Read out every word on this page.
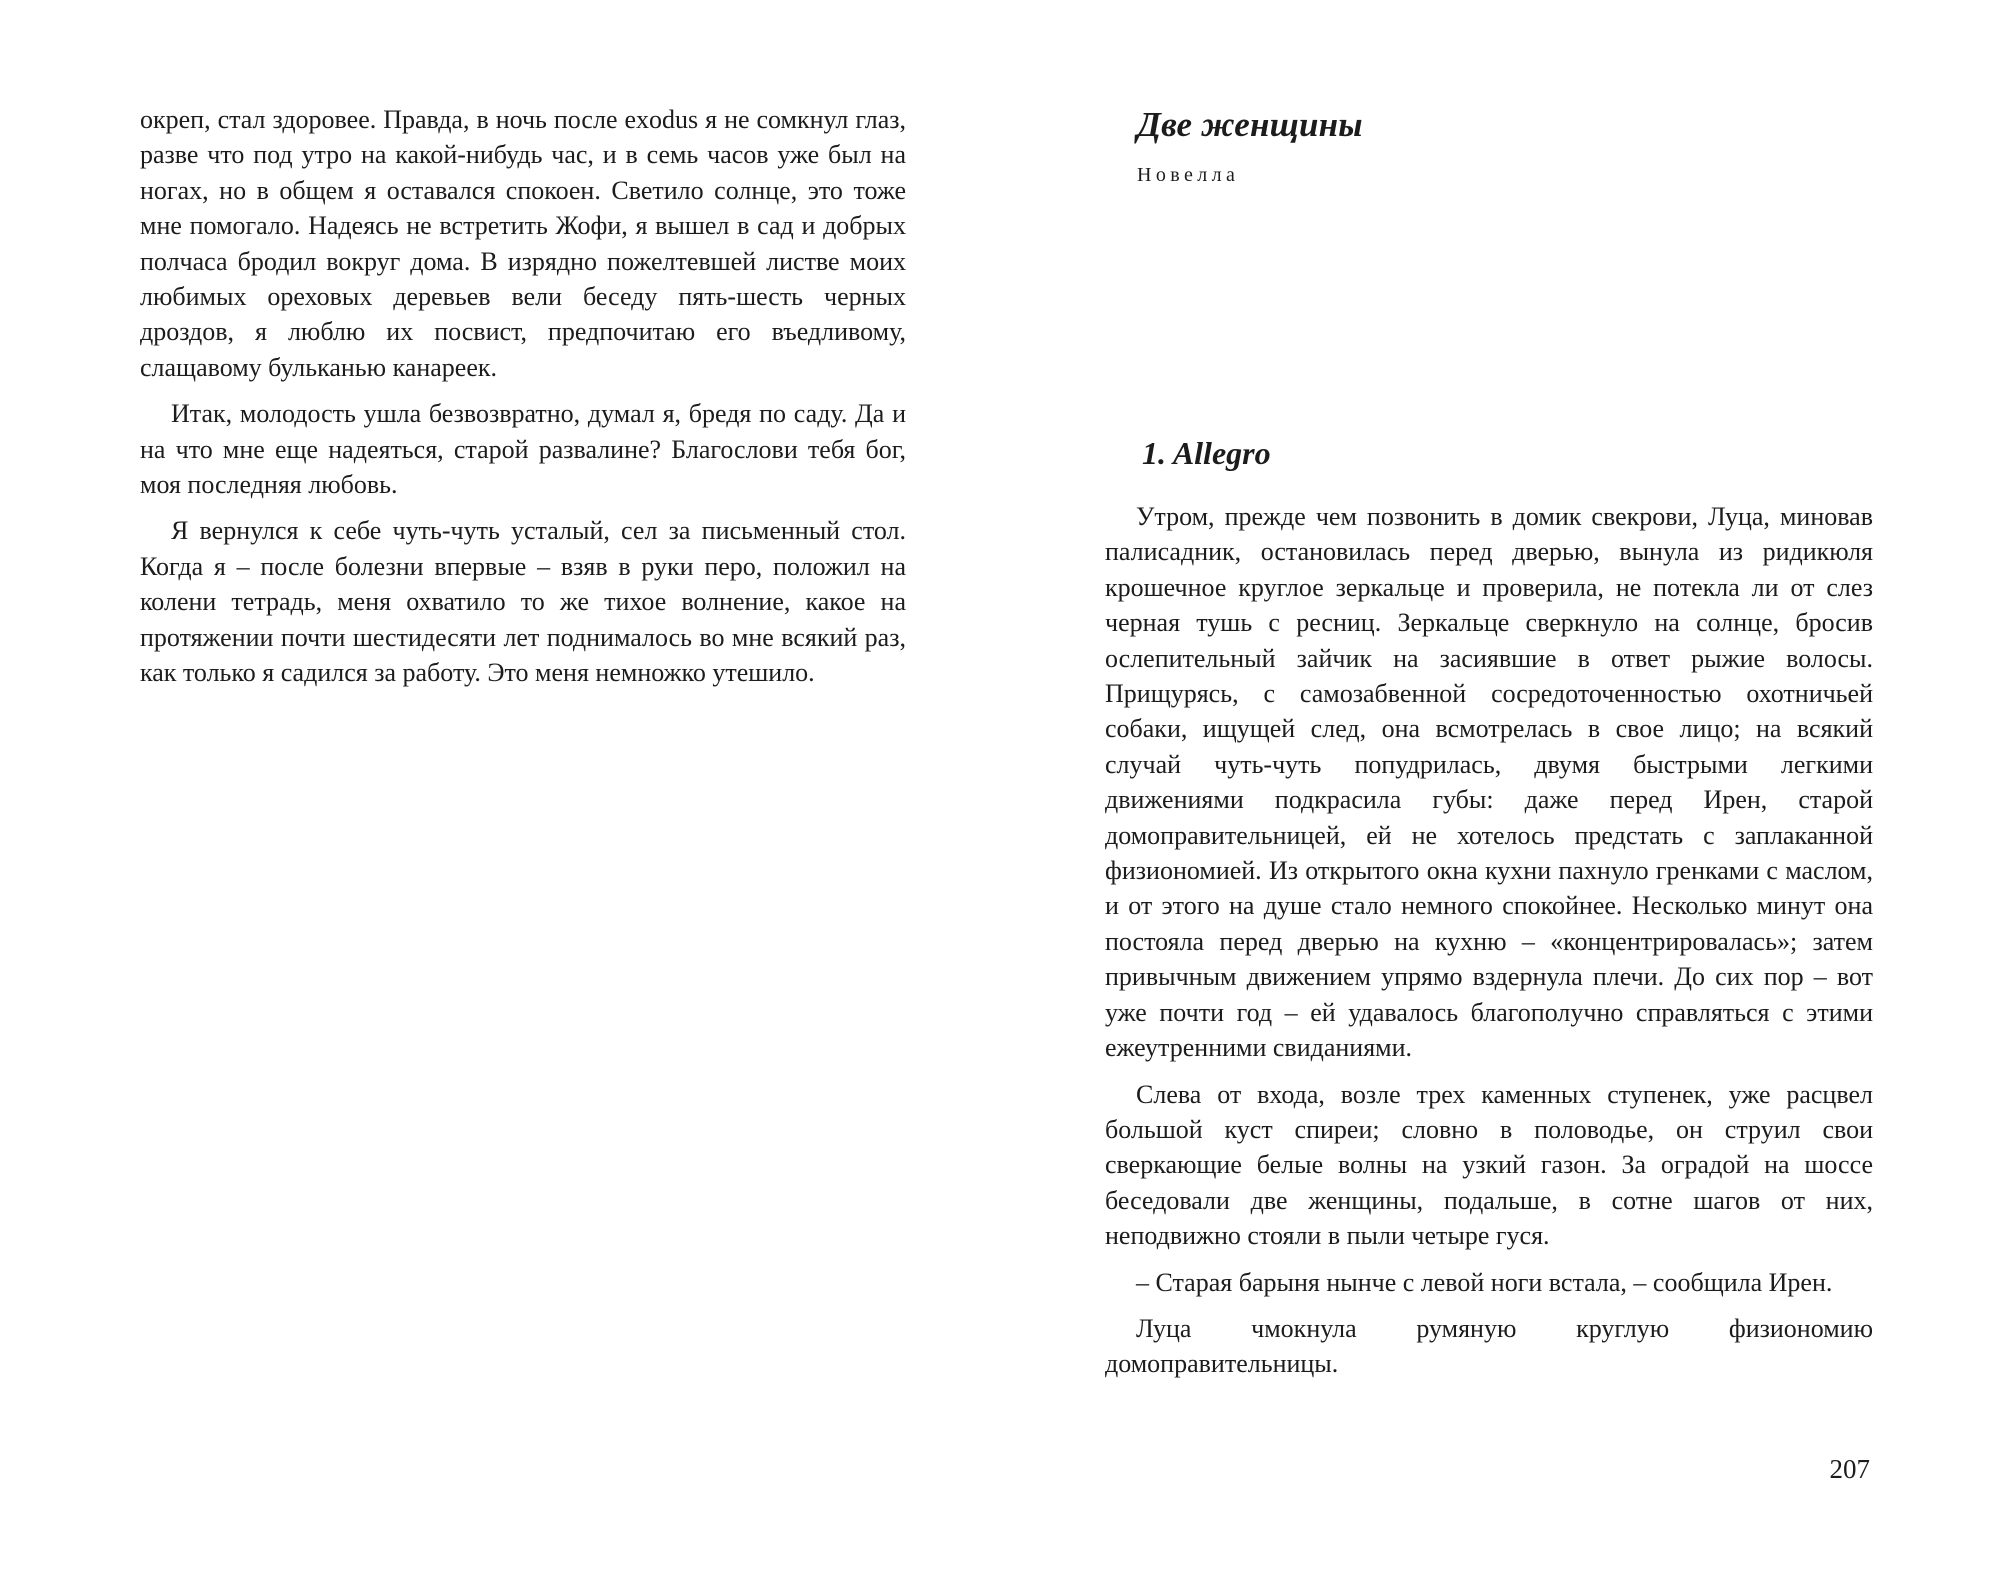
окреп, стал здоровее. Правда, в ночь после exodus я не сомкнул глаз, разве что под утро на какой-нибудь час, и в семь часов уже был на ногах, но в общем я оставался спокоен. Светило солнце, это тоже мне помогало. Надеясь не встретить Жофи, я вышел в сад и добрых полчаса бродил вокруг дома. В изрядно пожелтевшей листве моих любимых ореховых деревьев вели беседу пять-шесть черных дроздов, я люблю их посвист, предпочитаю его въедливому, слащавому бульканью канареек.

Итак, молодость ушла безвозвратно, думал я, бредя по саду. Да и на что мне еще надеяться, старой развалине? Благослови тебя бог, моя последняя любовь.

Я вернулся к себе чуть-чуть усталый, сел за письменный стол. Когда я – после болезни впервые – взяв в руки перо, положил на колени тетрадь, меня охватило то же тихое волнение, какое на протяжении почти шестидесяти лет поднималось во мне всякий раз, как только я садился за работу. Это меня немножко утешило.

Две женщины
Новелла
1. Allegro

Утром, прежде чем позвонить в домик свекрови, Луца, миновав палисадник, остановилась перед дверью, вынула из ридикюля крошечное круглое зеркальце и проверила, не потекла ли от слез черная тушь с ресниц. Зеркальце сверкнуло на солнце, бросив ослепительный зайчик на засиявшие в ответ рыжие волосы. Прищурясь, с самозабвенной сосредоточенностью охотничьей собаки, ищущей след, она всмотрелась в свое лицо; на всякий случай чуть-чуть попудрилась, двумя быстрыми легкими движениями подкрасила губы: даже перед Ирен, старой домоправительницей, ей не хотелось предстать с заплаканной физиономией. Из открытого окна кухни пахнуло гренками с маслом, и от этого на душе стало немного спокойнее. Несколько минут она постояла перед дверью на кухню – «концентрировалась»; затем привычным движением упрямо вздернула плечи. До сих пор – вот уже почти год – ей удавалось благополучно справляться с этими ежеутренними свиданиями.

Слева от входа, возле трех каменных ступенек, уже расцвел большой куст спиреи; словно в половодье, он струил свои сверкающие белые волны на узкий газон. За оградой на шоссе беседовали две женщины, подальше, в сотне шагов от них, неподвижно стояли в пыли четыре гуся.

– Старая барыня нынче с левой ноги встала, – сообщила Ирен.

Луца чмокнула румяную круглую физиономию домоправительницы.

207
